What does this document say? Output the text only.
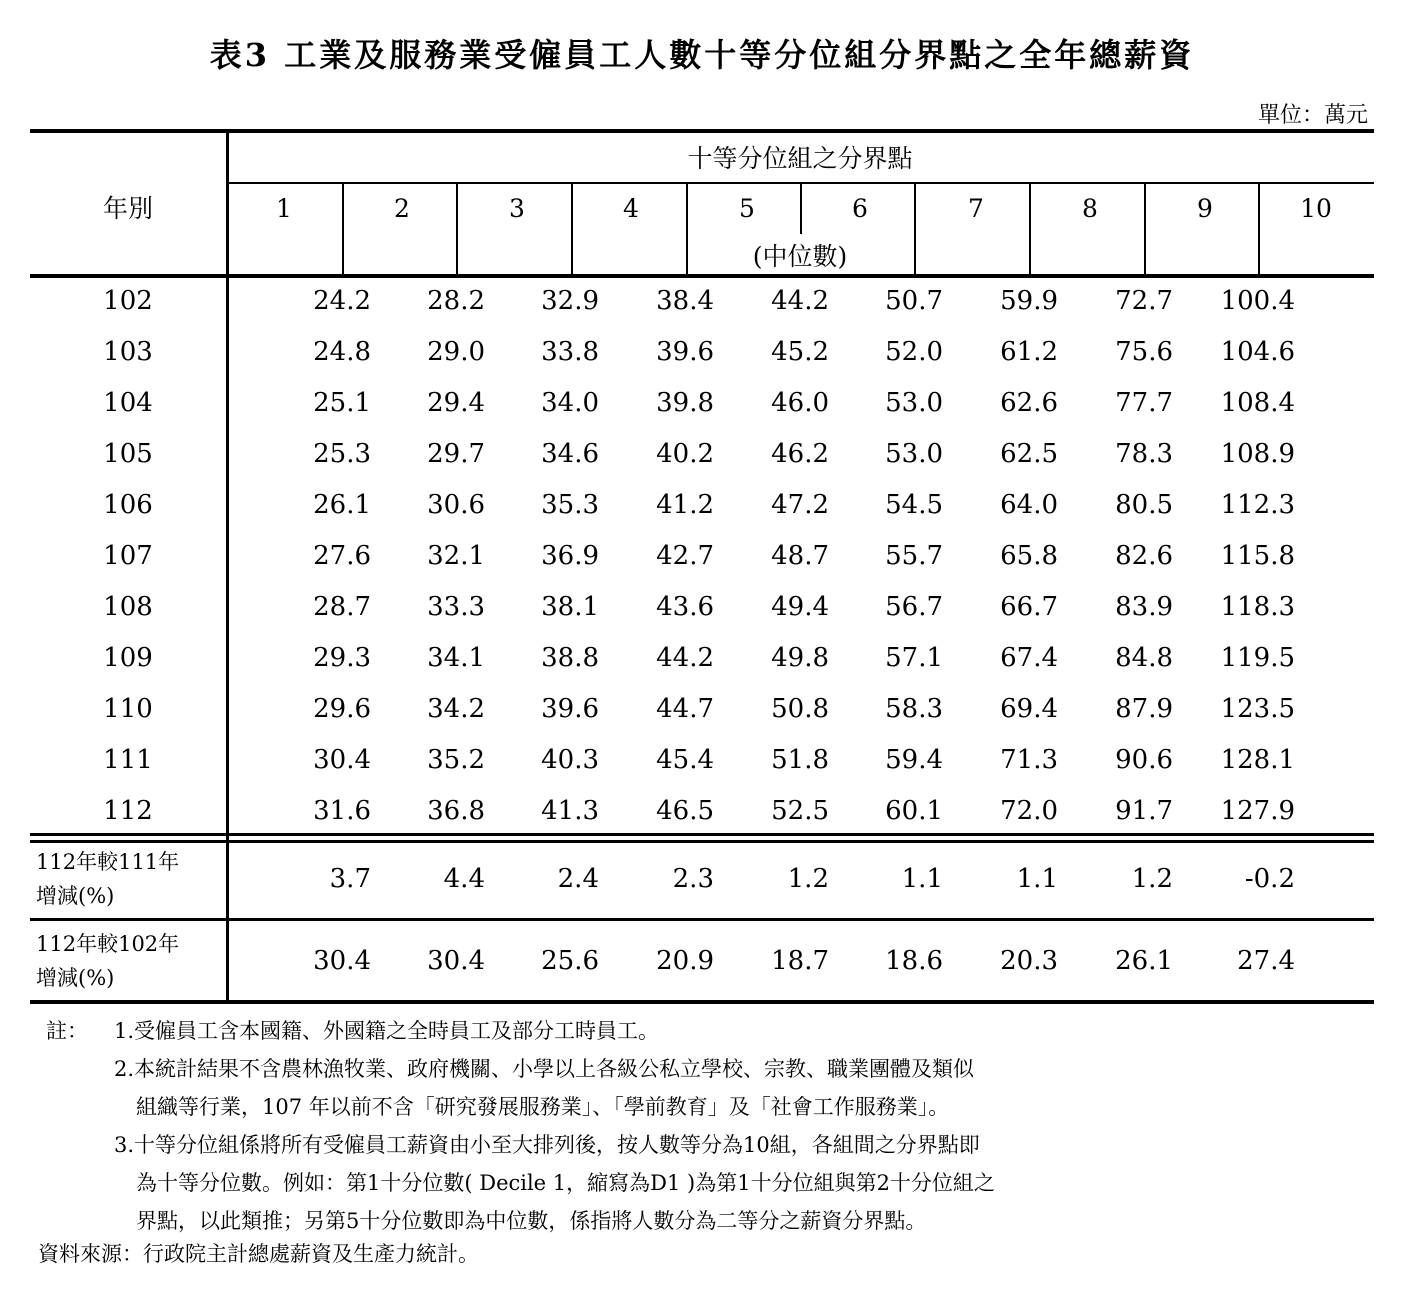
表3 工業及服務業受僱員工人數十等分位組分界點之全年總薪資
單位：萬元
年別
十等分位組之分界點
1	2	3	4	5	6	7	8	9	10
(中位數)
102	24.2 28.2 32.9 38.4 44.2 50.7 59.9 72.7 100.4
103	24.8 29.0 33.8 39.6 45.2 52.0 61.2 75.6 104.6
104	25.1 29.4 34.0 39.8 46.0 53.0 62.6 77.7 108.4
105	25.3 29.7 34.6 40.2 46.2 53.0 62.5 78.3 108.9
106	26.1 30.6 35.3 41.2 47.2 54.5 64.0 80.5 112.3
107	27.6 32.1 36.9 42.7 48.7 55.7 65.8 82.6 115.8
108	28.7 33.3 38.1 43.6 49.4 56.7 66.7 83.9 118.3
109	29.3 34.1 38.8 44.2 49.8 57.1 67.4 84.8 119.5
110	29.6 34.2 39.6 44.7 50.8 58.3 69.4 87.9 123.5
111	30.4 35.2 40.3 45.4 51.8 59.4 71.3 90.6 128.1
112	31.6 36.8 41.3 46.5 52.5 60.1 72.0 91.7 127.9
112年較111年
增減(%)
3.7	4.4	2.4	2.3	1.2	1.1	1.1	1.2	-0.2
112年較102年
增減(%)
30.4 30.4 25.6 20.9 18.7 18.6 20.3 26.1 27.4
註： 1.受僱員工含本國籍、外國籍之全時員工及部分工時員工。
2.本統計結果不含農林漁牧業、政府機關、小學以上各級公私立學校、宗教、職業團體及類似
組織等行業，107 年以前不含「研究發展服務業」、「學前教育」及「社會工作服務業」。
3.十等分位組係將所有受僱員工薪資由小至大排列後，按人數等分為10組，各組間之分界點即
為十等分位數。例如：第1十分位數( Decile 1，縮寫為D1 )為第1十分位組與第2十分位組之
界點，以此類推；另第5十分位數即為中位數，係指將人數分為二等分之薪資分界點。
資料來源：行政院主計總處薪資及生產力統計。
